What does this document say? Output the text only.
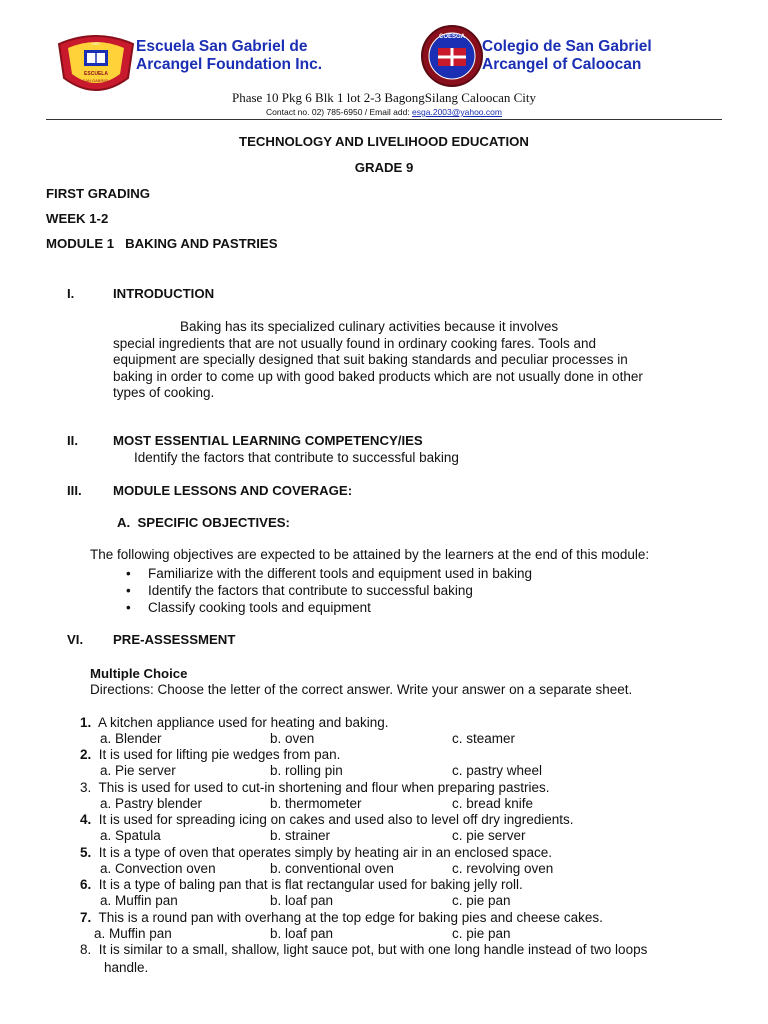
ESCUELA
SAN GABRIEL
1997 Escuela San Gabriel de
Arcangel Foundation Inc.
COESGA
Colegio de San Gabriel
Arcangel of Caloocan
Phase 10 Pkg 6 Blk 1 lot 2-3 BagongSilang Caloocan City
Contact no. 02) 785-6950 / Email add: esga.2003@yahoo.com
TECHNOLOGY AND LIVELIHOOD EDUCATION
GRADE 9
FIRST GRADING
WEEK 1-2
MODULE 1   BAKING AND PASTRIES
I.	INTRODUCTION
Baking has its specialized culinary activities because it involves
special ingredients that are not usually found in ordinary cooking fares. Tools and
equipment are specially designed that suit baking standards and peculiar processes in
baking in order to come up with good baked products which are not usually done in other
types of cooking.
II.	MOST ESSENTIAL LEARNING COMPETENCY/IES
Identify the factors that contribute to successful baking
III. MODULE LESSONS AND COVERAGE:
A.  SPECIFIC OBJECTIVES:
The following objectives are expected to be attained by the learners at the end of this module:
• Familiarize with the different tools and equipment used in baking
• Identify the factors that contribute to successful baking
• Classify cooking tools and equipment
VI. PRE-ASSESSMENT
Multiple Choice
Directions: Choose the letter of the correct answer. Write your answer on a separate sheet.
1. A kitchen appliance used for heating and baking.
a. Blender	b. oven	c. steamer
2. It is used for lifting pie wedges from pan.
a. Pie server	b. rolling pin	c. pastry wheel
3. This is used for used to cut-in shortening and flour when preparing pastries.
a. Pastry blender	b. thermometer	c. bread knife
4. It is used for spreading icing on cakes and used also to level off dry ingredients.
a. Spatula	b. strainer	c. pie server
5. It is a type of oven that operates simply by heating air in an enclosed space.
a. Convection oven	b. conventional oven	c. revolving oven
6. It is a type of baling pan that is flat rectangular used for baking jelly roll.
a. Muffin pan	b. loaf pan	c. pie pan
7. This is a round pan with overhang at the top edge for baking pies and cheese cakes.
a. Muffin pan	b. loaf pan	c. pie pan
8. It is similar to a small, shallow, light sauce pot, but with one long handle instead of two loops
handle.
